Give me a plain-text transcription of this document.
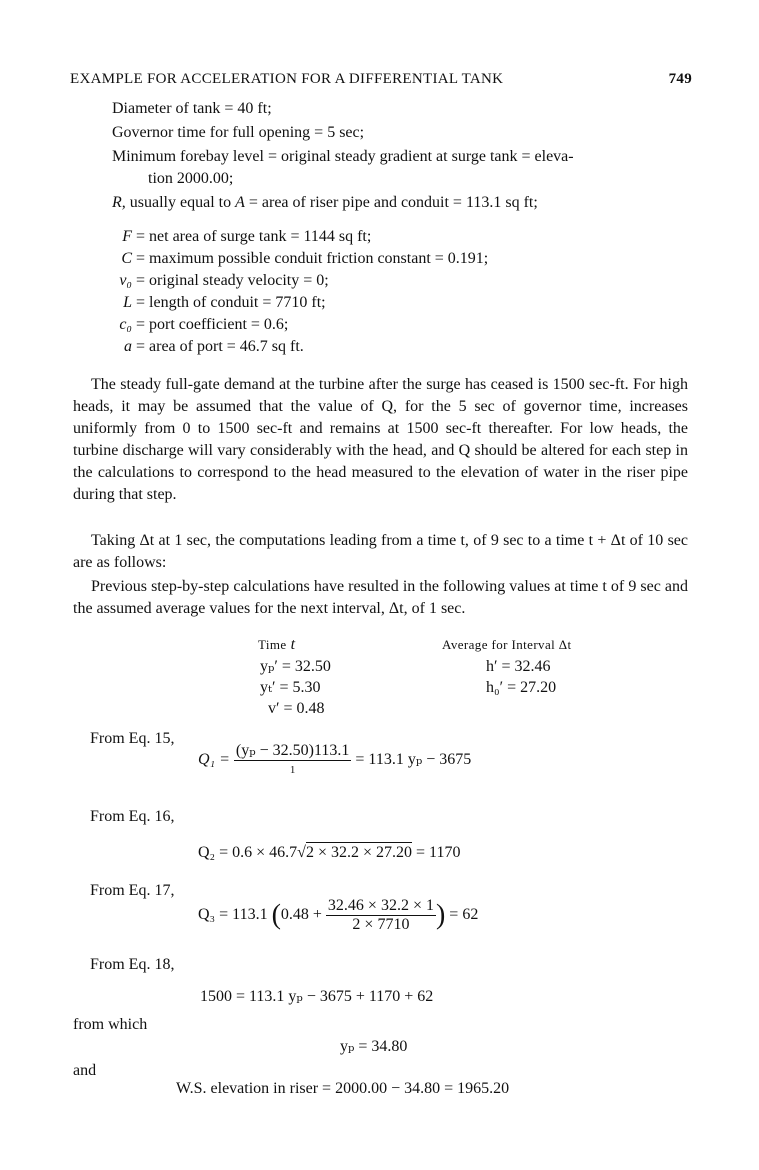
EXAMPLE FOR ACCELERATION FOR A DIFFERENTIAL TANK	749
Diameter of tank = 40 ft;
Governor time for full opening = 5 sec;
Minimum forebay level = original steady gradient at surge tank = eleva-
tion 2000.00;
R, usually equal to A = area of riser pipe and conduit = 113.1 sq ft;
F = net area of surge tank = 1144 sq ft;
C = maximum possible conduit friction constant = 0.191;
v₀ = original steady velocity = 0;
L = length of conduit = 7710 ft;
c₀ = port coefficient = 0.6;
a = area of port = 46.7 sq ft.
The steady full-gate demand at the turbine after the surge has ceased is 1500 sec-ft. For high heads, it may be assumed that the value of Q, for the 5 sec of governor time, increases uniformly from 0 to 1500 sec-ft and remains at 1500 sec-ft thereafter. For low heads, the turbine discharge will vary considerably with the head, and Q should be altered for each step in the calculations to correspond to the head measured to the elevation of water in the riser pipe during that step.
Taking Δt at 1 sec, the computations leading from a time t, of 9 sec to a time t + Δt of 10 sec are as follows:
Previous step-by-step calculations have resulted in the following values at time t of 9 sec and the assumed average values for the next interval, Δt, of 1 sec.
Time t	Average for Interval Δt
yₚ′ = 32.50
yₜ′ = 5.30
v′ = 0.48
h′ = 32.46
h₀′ = 27.20
From Eq. 15,
$Q_1 = \frac{\text{(yₚ − 32.50)113.1}}{1} = 113.1$ yₚ − 3675
From Eq. 16,
Q₂ = 0.6 × 46.7√2 × 32.2 × 27.20 = 1170
From Eq. 17,
Q₃ = 113.1 ($0.48 + \frac{32.46 \times 32.2 \times 1}{2 \times 7710}$ ) = 62
From Eq. 18,
1500 = 113.1 yₚ − 3675 + 1170 + 62
from which
yₚ = 34.80
and
W.S. elevation in riser = 2000.00 − 34.80 = 1965.20
